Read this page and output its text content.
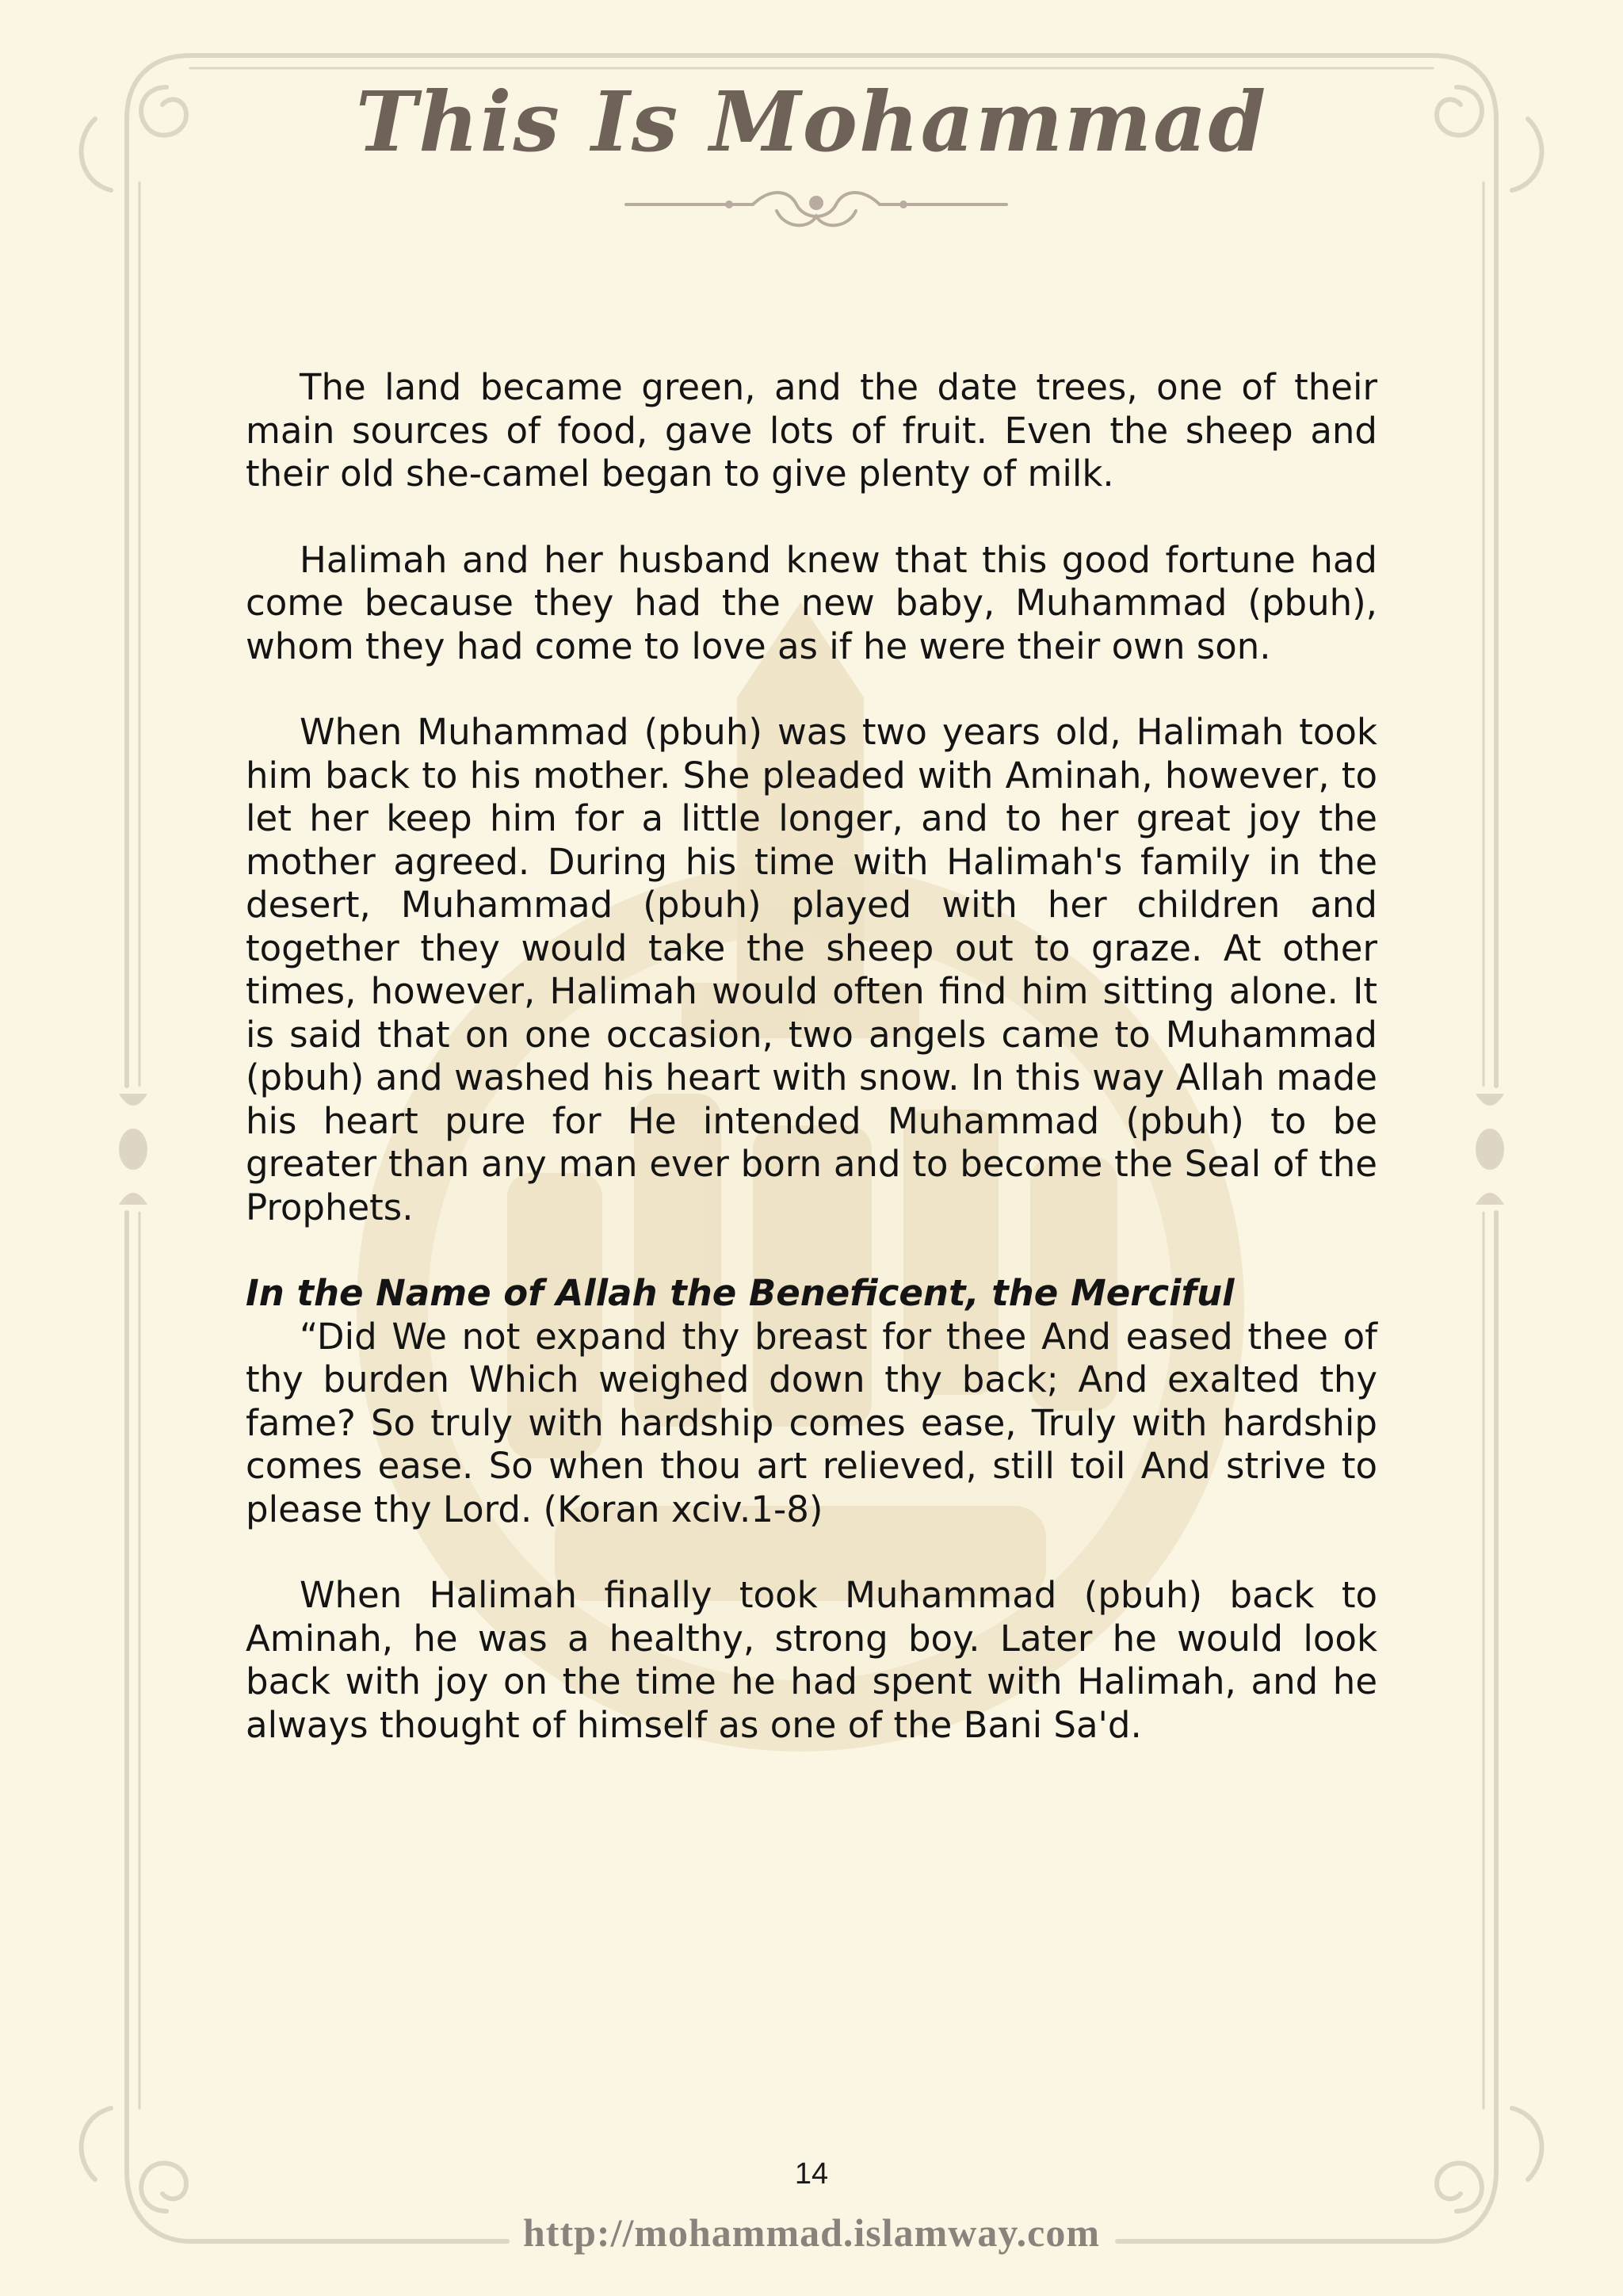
This Is Mohammad

The land became green, and the date trees, one of their main sources of food, gave lots of fruit. Even the sheep and their old she-camel began to give plenty of milk.

Halimah and her husband knew that this good fortune had come because they had the new baby, Muhammad (pbuh), whom they had come to love as if he were their own son.

When Muhammad (pbuh) was two years old, Halimah took him back to his mother. She pleaded with Aminah, however, to let her keep him for a little longer, and to her great joy the mother agreed. During his time with Halimah's family in the desert, Muhammad (pbuh) played with her children and together they would take the sheep out to graze. At other times, however, Halimah would often find him sitting alone. It is said that on one occasion, two angels came to Muhammad (pbuh) and washed his heart with snow. In this way Allah made his heart pure for He intended Muhammad (pbuh) to be greater than any man ever born and to become the Seal of the Prophets.

In the Name of Allah the Beneficent, the Merciful

“Did We not expand thy breast for thee And eased thee of thy burden Which weighed down thy back; And exalted thy fame? So truly with hardship comes ease, Truly with hardship comes ease. So when thou art relieved, still toil And strive to please thy Lord. (Koran xciv.1-8)

When Halimah finally took Muhammad (pbuh) back to Aminah, he was a healthy, strong boy. Later he would look back with joy on the time he had spent with Halimah, and he always thought of himself as one of the Bani Sa'd.

14
http://mohammad.islamway.com
